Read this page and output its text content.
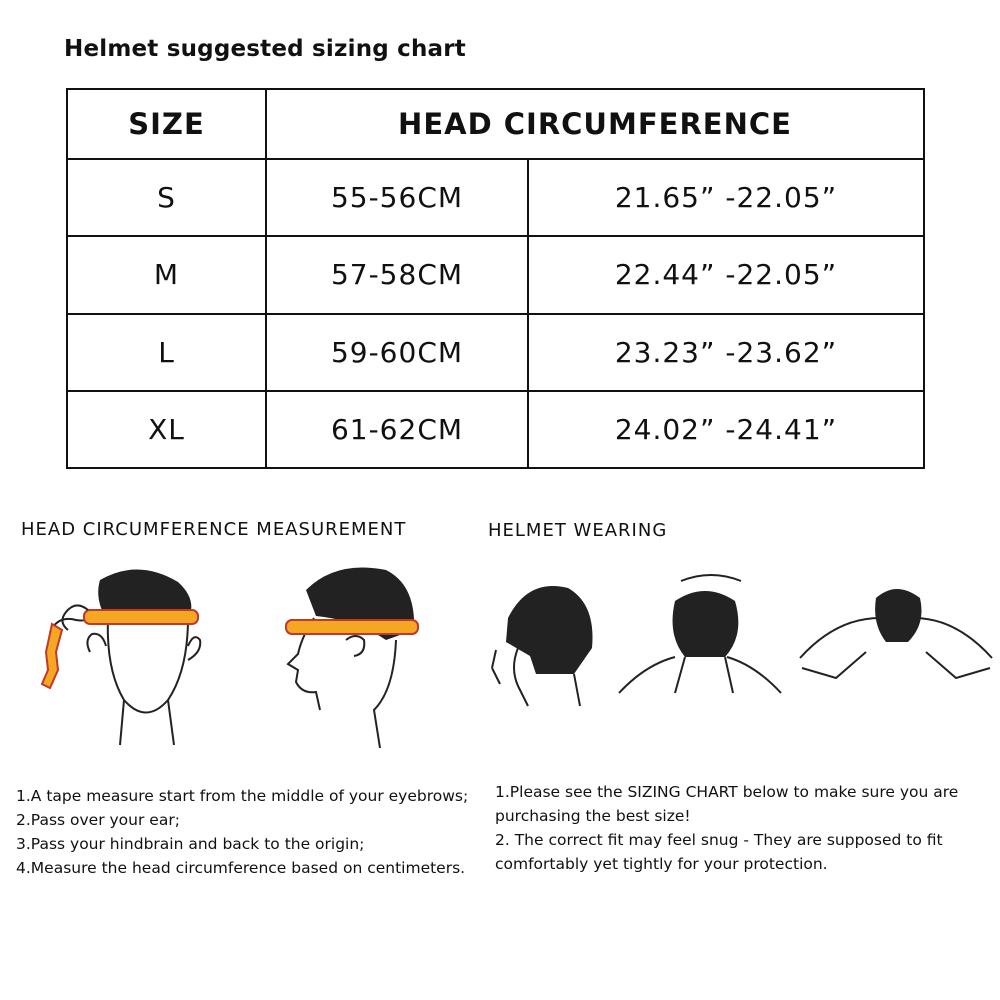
Helmet suggested sizing chart
SIZE	HEAD CIRCUMFERENCE	
S	55-56CM	21.65” -22.05”
M	57-58CM	22.44” -22.05”
L	59-60CM	23.23” -23.62”
XL	61-62CM	24.02” -24.41”
HEAD CIRCUMFERENCE MEASUREMENT	HELMET WEARING

1.A tape measure start from the middle of your eyebrows;

2.Pass over your ear;

3.Pass your hindbrain and back to the origin;

4.Measure the head circumference based on centimeters.

1.Please see the SIZING CHART below to make sure you are purchasing the best size!

2. The correct fit may feel snug - They are supposed to fit comfortably yet tightly for your protection.
